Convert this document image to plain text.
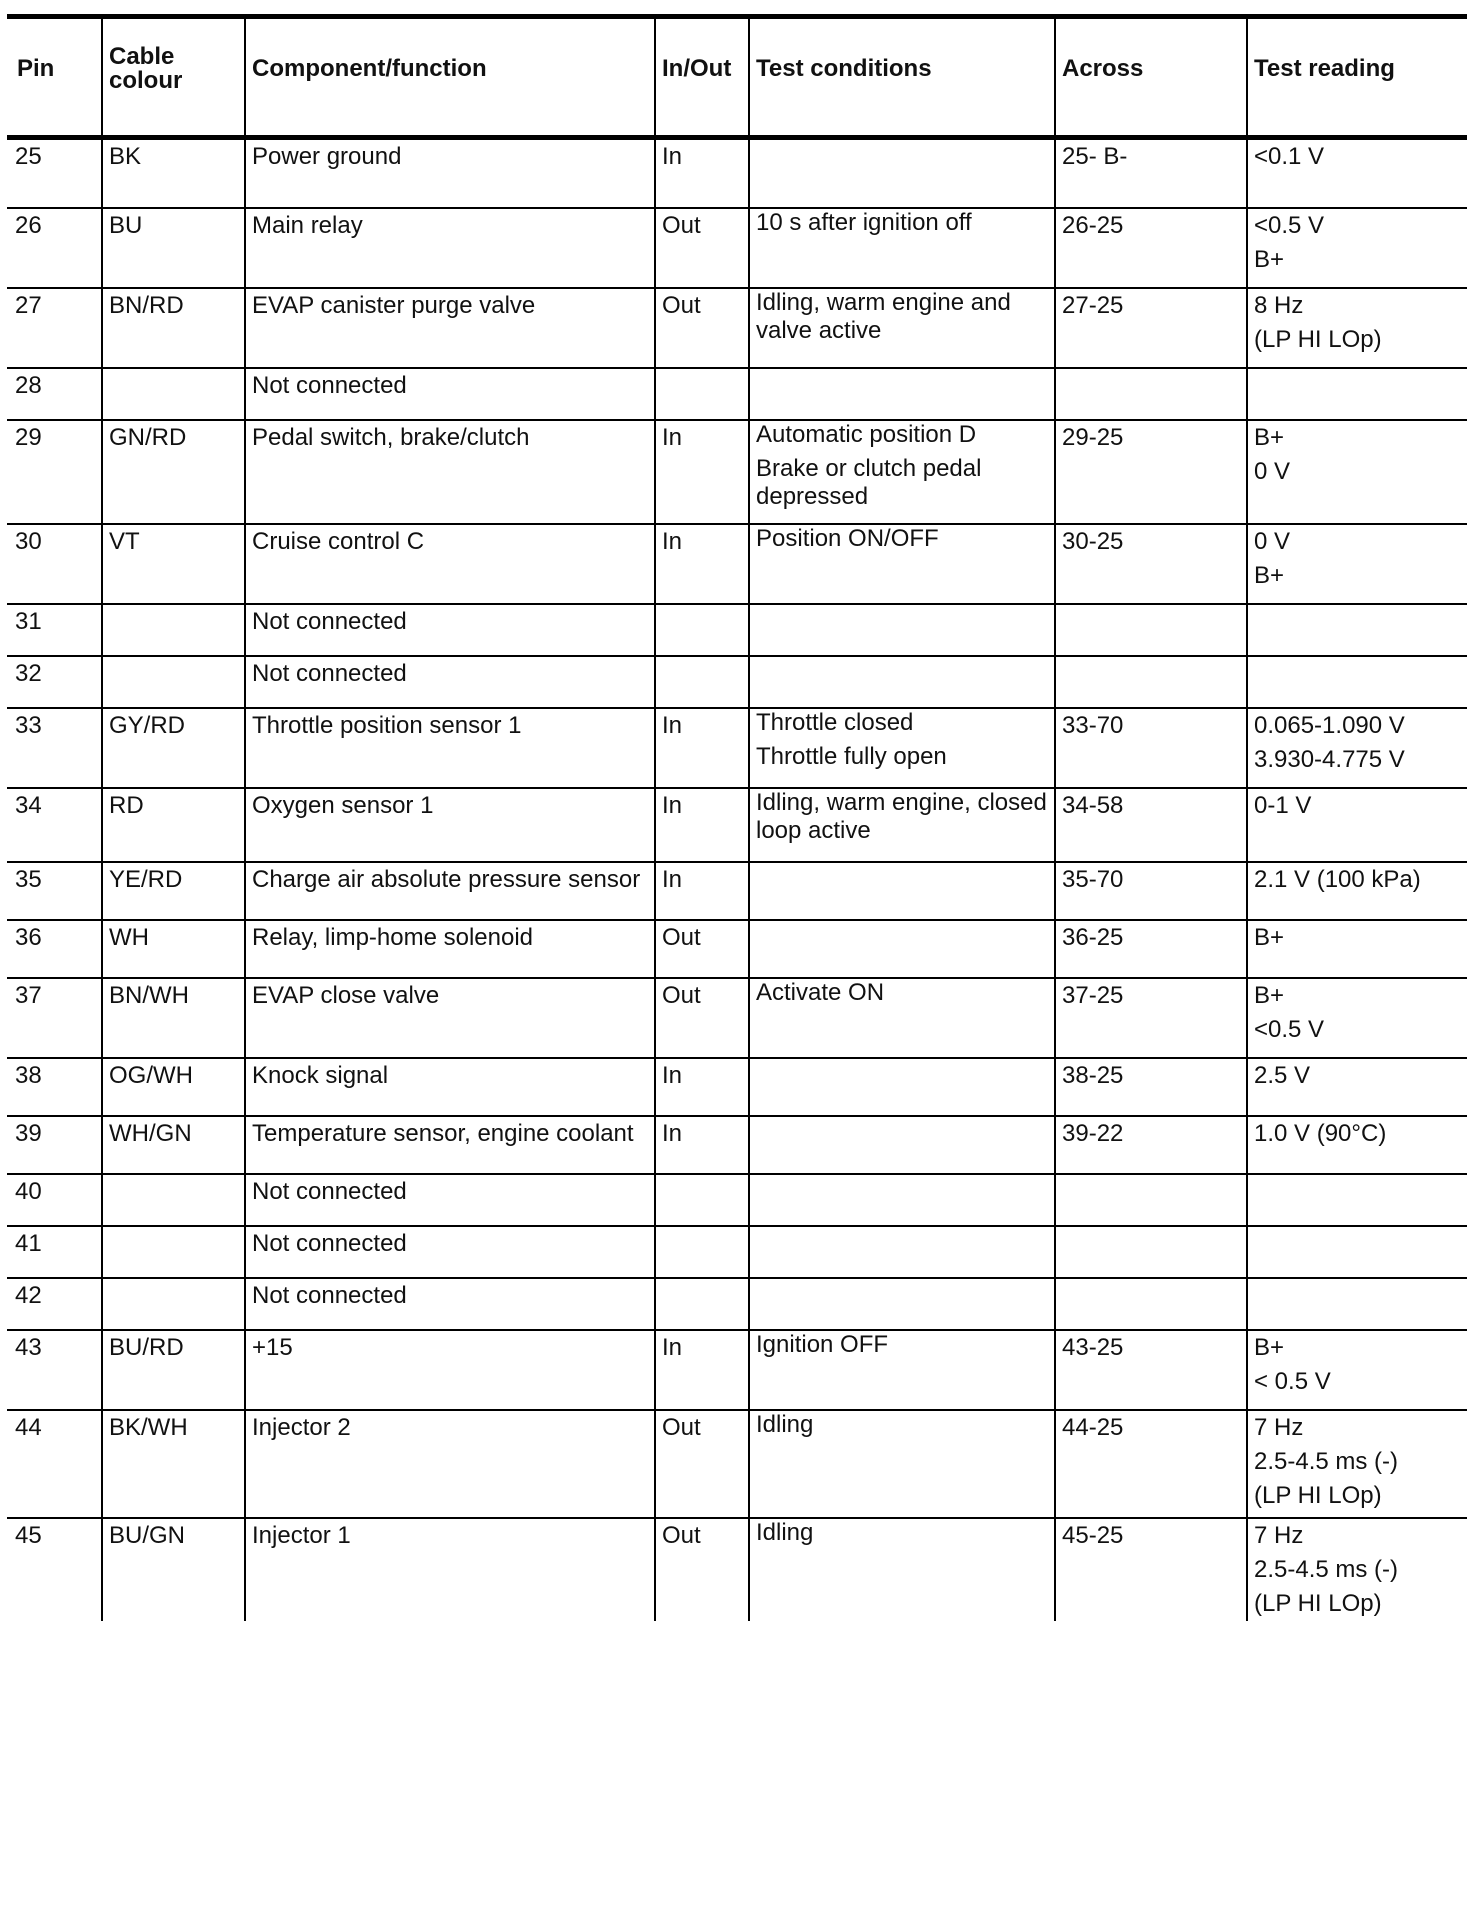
Pin	Cable colour	Component/function	In/Out	Test conditions	Across	Test reading
25	BK	Power ground	In		25- B-	<0.1 V

26	BU	Main relay	Out	10 s after ignition off	26-25	<0.5 V
B+

27	BN/RD	EVAP canister purge valve	Out	Idling, warm engine and valve active	27-25	8 Hz
(LP HI LOp)

28		Not connected				
29	GN/RD	Pedal switch, brake/clutch	In	Automatic position D
Brake or clutch pedal depressed	29-25	B+
0 V

30	VT	Cruise control C	In	Position ON/OFF	30-25	0 V
B+

31		Not connected				
32		Not connected				
33	GY/RD	Throttle position sensor 1	In	Throttle closed
Throttle fully open	33-70	0.065-1.090 V
3.930-4.775 V

34	RD	Oxygen sensor 1	In	Idling, warm engine, closed loop active	34-58	0-1 V

35	YE/RD	Charge air absolute pressure sensor	In		35-70	2.1 V (100 kPa)

36	WH	Relay, limp-home solenoid	Out		36-25	B+

37	BN/WH	EVAP close valve	Out	Activate ON	37-25	B+
<0.5 V

38	OG/WH	Knock signal	In		38-25	2.5 V

39	WH/GN	Temperature sensor, engine coolant	In		39-22	1.0 V (90°C)

40		Not connected				
41		Not connected				
42		Not connected				
43	BU/RD	+15	In	Ignition OFF	43-25	B+
< 0.5 V

44	BK/WH	Injector 2	Out	Idling	44-25	7 Hz
2.5-4.5 ms (-)
(LP HI LOp)

45	BU/GN	Injector 1	Out	Idling	45-25	7 Hz
2.5-4.5 ms (-)
(LP HI LOp)
